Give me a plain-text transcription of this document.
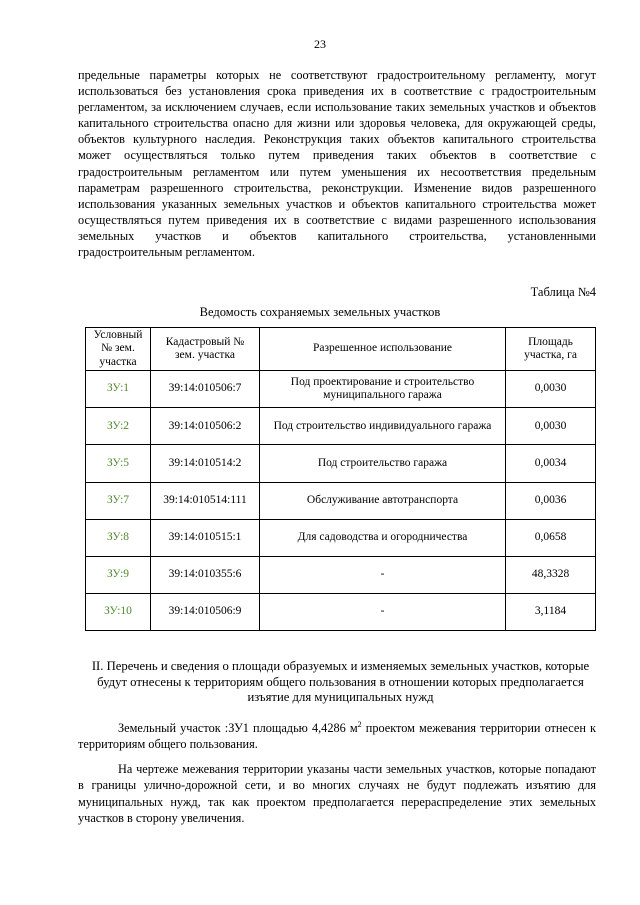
23

предельные параметры которых не соответствуют градостроительному регламенту, могут использоваться без установления срока приведения их в соответствие с градостроительным регламентом, за исключением случаев, если использование таких земельных участков и объектов капитального строительства опасно для жизни или здоровья человека, для окружающей среды, объектов культурного наследия. Реконструкция таких объектов капитального строительства может осуществляться только путем приведения таких объектов в соответствие с градостроительным регламентом или путем уменьшения их несоответствия предельным параметрам разрешенного строительства, реконструкции. Изменение видов разрешенного использования указанных земельных участков и объектов капитального строительства может осуществляться путем приведения их в соответствие с видами разрешенного использования земельных участков и объектов капитального строительства, установленными градостроительным регламентом.

Таблица №4
Ведомость сохраняемых земельных участков
Условный № зем. участка	Кадастровый № зем. участка	Разрешенное использование	Площадь участка, га
ЗУ:1	39:14:010506:7	Под проектирование и строительство муниципального гаража	0,0030
ЗУ:2	39:14:010506:2	Под строительство индивидуального гаража	0,0030
ЗУ:5	39:14:010514:2	Под строительство гаража	0,0034
ЗУ:7	39:14:010514:111	Обслуживание автотранспорта	0,0036
ЗУ:8	39:14:010515:1	Для садоводства и огородничества	0,0658
ЗУ:9	39:14:010355:6	-	48,3328
ЗУ:10	39:14:010506:9	-	3,1184

II. Перечень и сведения о площади образуемых и изменяемых земельных участков, которые будут отнесены к территориям общего пользования в отношении которых предполагается изъятие для муниципальных нужд

Земельный участок :ЗУ1 площадью 4,4286 $м^2$ проектом межевания территории отнесен к территориям общего пользования.

На чертеже межевания территории указаны части земельных участков, которые попадают в границы улично-дорожной сети, и во многих случаях не будут подлежать изъятию для муниципальных нужд, так как проектом предполагается перераспределение этих земельных участков в сторону увеличения.
